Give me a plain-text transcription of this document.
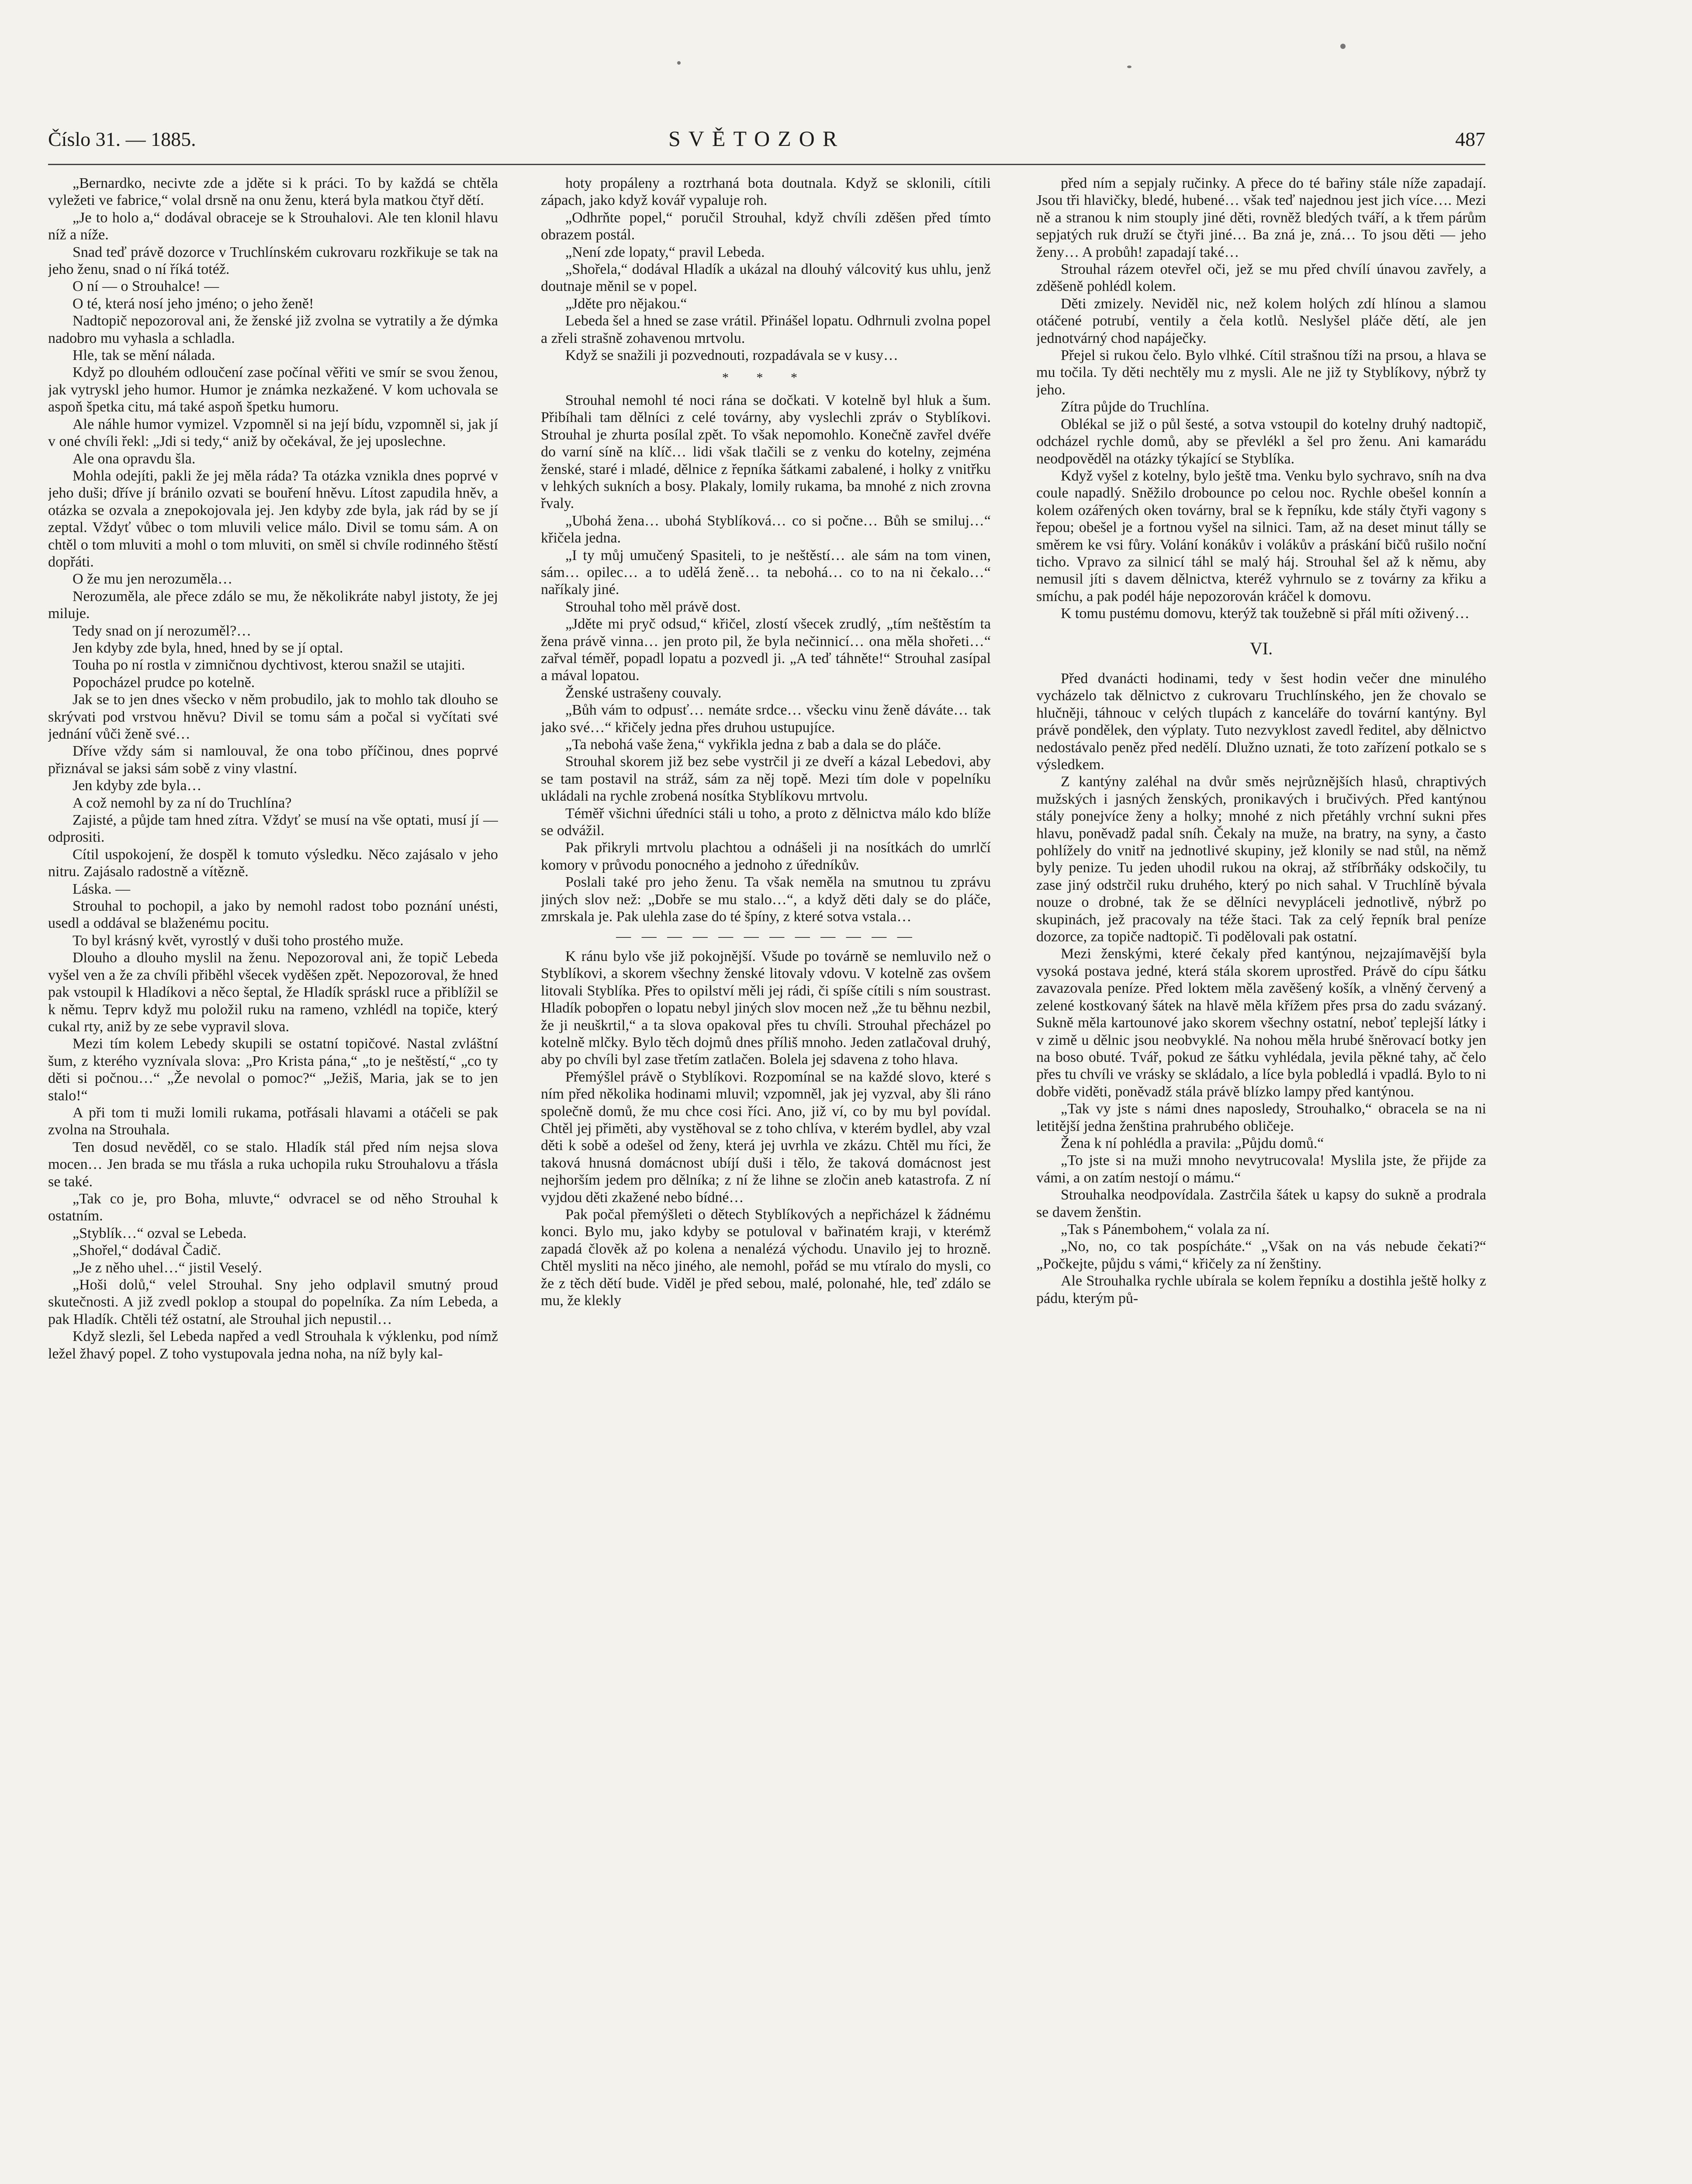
Číslo 31. — 1885.	SVĚTOZOR	487

„Bernardko, necivte zde a jděte si k práci. To by každá se chtěla vyležeti ve fabrice,“ volal drsně na onu ženu, která byla matkou čtyř dětí.

„Je to holo a,“ dodával obraceje se k Strouhalovi. Ale ten klonil hlavu níž a níže.

Snad teď právě dozorce v Truchlínském cukrovaru rozkřikuje se tak na jeho ženu, snad o ní říká totéž.

O ní — o Strouhalce! —

O té, která nosí jeho jméno; o jeho ženě!

Nadtopič nepozoroval ani, že ženské již zvolna se vytratily a že dýmka nadobro mu vyhasla a schladla.

Hle, tak se mění nálada.

Když po dlouhém odloučení zase počínal věřiti ve smír se svou ženou, jak vytryskl jeho humor. Humor je známka nezkažené. V kom uchovala se aspoň špetka citu, má také aspoň špetku humoru.

Ale náhle humor vymizel. Vzpomněl si na její bídu, vzpomněl si, jak jí v oné chvíli řekl: „Jdi si tedy,“ aniž by očekával, že jej uposlechne.

Ale ona opravdu šla.

Mohla odejíti, pakli že jej měla ráda? Ta otázka vznikla dnes poprvé v jeho duši; dříve jí bránilo ozvati se bouření hněvu. Lítost zapudila hněv, a otázka se ozvala a znepokojovala jej. Jen kdyby zde byla, jak rád by se jí zeptal. Vždyť vůbec o tom mluvili velice málo. Divil se tomu sám. A on chtěl o tom mluviti a mohl o tom mluviti, on směl si chvíle rodinného štěstí dopřáti.

O že mu jen nerozuměla…

Nerozuměla, ale přece zdálo se mu, že několikráte nabyl jistoty, že jej miluje.

Tedy snad on jí nerozuměl?…

Jen kdyby zde byla, hned, hned by se jí optal.

Touha po ní rostla v zimničnou dychtivost, kterou snažil se utajiti.

Popocházel prudce po kotelně.

Jak se to jen dnes všecko v něm probudilo, jak to mohlo tak dlouho se skrývati pod vrstvou hněvu? Divil se tomu sám a počal si vyčítati své jednání vůči ženě své…

Dříve vždy sám si namlouval, že ona tobo příčinou, dnes poprvé přiznával se jaksi sám sobě z viny vlastní.

Jen kdyby zde byla…

A což nemohl by za ní do Truchlína?

Zajisté, a půjde tam hned zítra. Vždyť se musí na vše optati, musí jí — odprositi.

Cítil uspokojení, že dospěl k tomuto výsledku. Něco zajásalo v jeho nitru. Zajásalo radostně a vítězně.

Láska. —

Strouhal to pochopil, a jako by nemohl radost tobo poznání unésti, usedl a oddával se blaženému pocitu.

To byl krásný květ, vyrostlý v duši toho prostého muže.

Dlouho a dlouho myslil na ženu. Nepozoroval ani, že topič Lebeda vyšel ven a že za chvíli přiběhl všecek vyděšen zpět. Nepozoroval, že hned pak vstoupil k Hladíkovi a něco šeptal, že Hladík spráskl ruce a přiblížil se k němu. Teprv když mu položil ruku na rameno, vzhlédl na topiče, který cukal rty, aniž by ze sebe vypravil slova.

Mezi tím kolem Lebedy skupili se ostatní topičové. Nastal zvláštní šum, z kterého vyznívala slova: „Pro Krista pána,“ „to je neštěstí,“ „co ty děti si počnou…“ „Že nevolal o pomoc?“ „Ježiš, Maria, jak se to jen stalo!“

A při tom ti muži lomili rukama, potřásali hlavami a otáčeli se pak zvolna na Strouhala.

Ten dosud nevěděl, co se stalo. Hladík stál před ním nejsa slova mocen… Jen brada se mu třásla a ruka uchopila ruku Strouhalovu a třásla se také.

„Tak co je, pro Boha, mluvte,“ odvracel se od něho Strouhal k ostatním.

„Styblík…“ ozval se Lebeda.

„Shořel,“ dodával Čadič.

„Je z něho uhel…“ jistil Veselý.

„Hoši dolů,“ velel Strouhal. Sny jeho odplavil smutný proud skutečnosti. A již zvedl poklop a stoupal do popelníka. Za ním Lebeda, a pak Hladík. Chtěli též ostatní, ale Strouhal jich nepustil…

Když slezli, šel Lebeda napřed a vedl Strouhala k výklenku, pod nímž ležel žhavý popel. Z toho vystupovala jedna noha, na níž byly kal-

hoty propáleny a roztrhaná bota doutnala. Když se sklonili, cítili zápach, jako když kovář vypaluje roh.

„Odhrňte popel,“ poručil Strouhal, když chvíli zděšen před tímto obrazem postál.

„Není zde lopaty,“ pravil Lebeda.

„Shořela,“ dodával Hladík a ukázal na dlouhý válcovitý kus uhlu, jenž doutnaje měnil se v popel.

„Jděte pro nějakou.“

Lebeda šel a hned se zase vrátil. Přinášel lopatu. Odhrnuli zvolna popel a zřeli strašně zohavenou mrtvolu.

Když se snažili ji pozvednouti, rozpadávala se v kusy…

* * *

Strouhal nemohl té noci rána se dočkati. V kotelně byl hluk a šum. Přibíhali tam dělníci z celé továrny, aby vyslechli zpráv o Styblíkovi. Strouhal je zhurta posílal zpět. To však nepomohlo. Konečně zavřel dvéře do varní síně na klíč… lidi však tlačili se z venku do kotelny, zejména ženské, staré i mladé, dělnice z řepníka šátkami zabalené, i holky z vnitřku v lehkých sukních a bosy. Plakaly, lomily rukama, ba mnohé z nich zrovna řvaly.

„Ubohá žena… ubohá Styblíková… co si počne… Bůh se smiluj…“ křičela jedna.

„I ty můj umučený Spasiteli, to je neštěstí… ale sám na tom vinen, sám… opilec… a to udělá ženě… ta nebohá… co to na ni čekalo…“ naříkaly jiné.

Strouhal toho měl právě dost.

„Jděte mi pryč odsud,“ křičel, zlostí všecek zrudlý, „tím neštěstím ta žena právě vinna… jen proto pil, že byla nečinnicí… ona měla shořeti…“ zařval téměř, popadl lopatu a pozvedl ji. „A teď táhněte!“ Strouhal zasípal a mával lopatou.

Ženské ustrašeny couvaly.

„Bůh vám to odpusť… nemáte srdce… všecku vinu ženě dáváte… tak jako své…“ křičely jedna přes druhou ustupujíce.

„Ta nebohá vaše žena,“ vykřikla jedna z bab a dala se do pláče.

Strouhal skorem již bez sebe vystrčil ji ze dveří a kázal Lebedovi, aby se tam postavil na stráž, sám za něj topě. Mezi tím dole v popelníku ukládali na rychle zrobená nosítka Styblíkovu mrtvolu.

Téměř všichni úředníci stáli u toho, a proto z dělnictva málo kdo blíže se odvážil.

Pak přikryli mrtvolu plachtou a odnášeli ji na nosítkách do umrlčí komory v průvodu ponocného a jednoho z úředníkův.

Poslali také pro jeho ženu. Ta však neměla na smutnou tu zprávu jiných slov než: „Dobře se mu stalo…“, a když děti daly se do pláče, zmrskala je. Pak ulehla zase do té špíny, z které sotva vstala…

— — — — — — — — — — — —

K ránu bylo vše již pokojnější. Všude po továrně se nemluvilo než o Styblíkovi, a skorem všechny ženské litovaly vdovu. V kotelně zas ovšem litovali Styblíka. Přes to opilství měli jej rádi, či spíše cítili s ním soustrast. Hladík pobopřen o lopatu nebyl jiných slov mocen než „že tu běhnu nezbil, že ji neuškrtil,“ a ta slova opakoval přes tu chvíli. Strouhal přecházel po kotelně mlčky. Bylo těch dojmů dnes příliš mnoho. Jeden zatlačoval druhý, aby po chvíli byl zase třetím zatlačen. Bolela jej sdavena z toho hlava.

Přemýšlel právě o Styblíkovi. Rozpomínal se na každé slovo, které s ním před několika hodinami mluvil; vzpomněl, jak jej vyzval, aby šli ráno společně domů, že mu chce cosi říci. Ano, již ví, co by mu byl povídal. Chtěl jej přiměti, aby vystěhoval se z toho chlíva, v kterém bydlel, aby vzal děti k sobě a odešel od ženy, která jej uvrhla ve zkázu. Chtěl mu říci, že taková hnusná domácnost ubíjí duši i tělo, že taková domácnost jest nejhorším jedem pro dělníka; z ní že lihne se zločin aneb katastrofa. Z ní vyjdou děti zkažené nebo bídné…

Pak počal přemýšleti o dětech Styblíkových a nepřicházel k žádnému konci. Bylo mu, jako kdyby se potuloval v bařinatém kraji, v kterémž zapadá člověk až po kolena a nenalézá východu. Unavilo jej to hrozně. Chtěl mysliti na něco jiného, ale nemohl, pořád se mu vtíralo do mysli, co že z těch dětí bude. Viděl je před sebou, malé, polonahé, hle, teď zdálo se mu, že klekly

před ním a sepjaly ručinky. A přece do té bařiny stále níže zapadají. Jsou tři hlavičky, bledé, hubené… však teď najednou jest jich více…. Mezi ně a stranou k nim stouply jiné děti, rovněž bledých tváří, a k třem párům sepjatých ruk druží se čtyři jiné… Ba zná je, zná… To jsou děti — jeho ženy… A probůh! zapadají také…

Strouhal rázem otevřel oči, jež se mu před chvílí únavou zavřely, a zděšeně pohlédl kolem.

Děti zmizely. Neviděl nic, než kolem holých zdí hlínou a slamou otáčené potrubí, ventily a čela kotlů. Neslyšel pláče dětí, ale jen jednotvárný chod napáječky.

Přejel si rukou čelo. Bylo vlhké. Cítil strašnou tíži na prsou, a hlava se mu točila. Ty děti nechtěly mu z mysli. Ale ne již ty Styblíkovy, nýbrž ty jeho.

Zítra půjde do Truchlína.

Oblékal se již o půl šesté, a sotva vstoupil do kotelny druhý nadtopič, odcházel rychle domů, aby se převlékl a šel pro ženu. Ani kamarádu neodpověděl na otázky týkající se Styblíka.

Když vyšel z kotelny, bylo ještě tma. Venku bylo sychravo, sníh na dva coule napadlý. Sněžilo drobounce po celou noc. Rychle obešel konnín a kolem ozářených oken továrny, bral se k řepníku, kde stály čtyři vagony s řepou; obešel je a fortnou vyšel na silnici. Tam, až na deset minut tálly se směrem ke vsi fůry. Volání konákův i volákův a práskání bičů rušilo noční ticho. Vpravo za silnicí táhl se malý háj. Strouhal šel až k němu, aby nemusil jíti s davem dělnictva, kteréž vyhrnulo se z továrny za křiku a smíchu, a pak podél háje nepozorován kráčel k domovu.

K tomu pustému domovu, kterýž tak toužebně si přál míti oživený…

VI.

Před dvanácti hodinami, tedy v šest hodin večer dne minulého vycházelo tak dělnictvo z cukrovaru Truchlínského, jen že chovalo se hlučněji, táhnouc v celých tlupách z kanceláře do tovární kantýny. Byl právě pondělek, den výplaty. Tuto nezvyklost zavedl ředitel, aby dělnictvo nedostávalo peněz před nedělí. Dlužno uznati, že toto zařízení potkalo se s výsledkem.

Z kantýny zaléhal na dvůr směs nejrůznějších hlasů, chraptivých mužských i jasných ženských, pronikavých i bručivých. Před kantýnou stály ponejvíce ženy a holky; mnohé z nich přetáhly vrchní sukni přes hlavu, poněvadž padal sníh. Čekaly na muže, na bratry, na syny, a často pohlížely do vnitř na jednotlivé skupiny, jež klonily se nad stůl, na němž byly penize. Tu jeden uhodil rukou na okraj, až stříbrňáky odskočily, tu zase jiný odstrčil ruku druhého, který po nich sahal. V Truchlíně bývala nouze o drobné, tak že se dělníci nevypláceli jednotlivě, nýbrž po skupinách, jež pracovaly na téže štaci. Tak za celý řepník bral peníze dozorce, za topiče nadtopič. Ti podělovali pak ostatní.

Mezi ženskými, které čekaly před kantýnou, nejzajímavější byla vysoká postava jedné, která stála skorem uprostřed. Právě do cípu šátku zavazovala peníze. Před loktem měla zavěšený košík, a vlněný červený a zelené kostkovaný šátek na hlavě měla křížem přes prsa do zadu svázaný. Sukně měla kartounové jako skorem všechny ostatní, neboť teplejší látky i v zimě u dělnic jsou neobvyklé. Na nohou měla hrubé šněrovací botky jen na boso obuté. Tvář, pokud ze šátku vyhlédala, jevila pěkné tahy, ač čelo přes tu chvíli ve vrásky se skládalo, a líce byla pobledlá i vpadlá. Bylo to ni dobře viděti, poněvadž stála právě blízko lampy před kantýnou.

„Tak vy jste s námi dnes naposledy, Strouhalko,“ obracela se na ni letitější jedna ženština prahrubého obličeje.

Žena k ní pohlédla a pravila: „Půjdu domů.“

„To jste si na muži mnoho nevytrucovala! Myslila jste, že přijde za vámi, a on zatím nestojí o mámu.“

Strouhalka neodpovídala. Zastrčila šátek u kapsy do sukně a prodrala se davem ženštin.

„Tak s Pánembohem,“ volala za ní.

„No, no, co tak pospícháte.“ „Však on na vás nebude čekati?“ „Počkejte, půjdu s vámi,“ křičely za ní ženštiny.

Ale Strouhalka rychle ubírala se kolem řepníku a dostihla ještě holky z pádu, kterým pů-
